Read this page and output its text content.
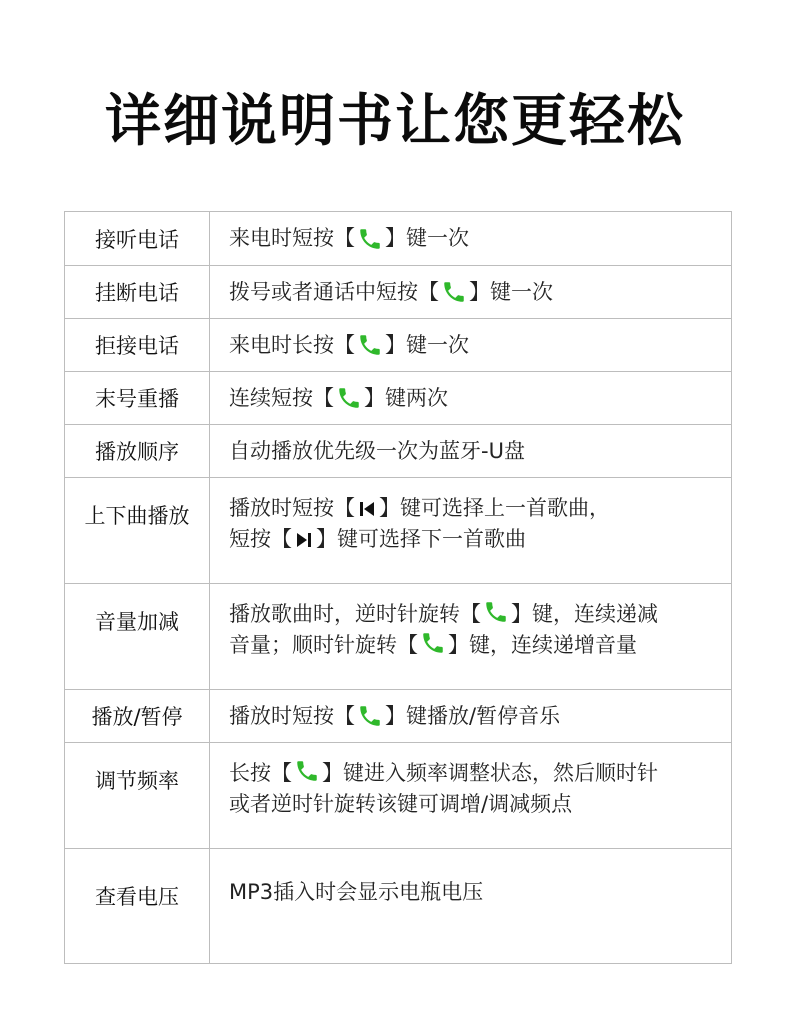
详细说明书让您更轻松
接听电话	来电时短按【 】键一次
挂断电话	拨号或者通话中短按【 】键一次
拒接电话	来电时长按【 】键一次
末号重播	连续短按【 】键两次
播放顺序	自动播放优先级一次为蓝牙-U盘
上下曲播放	播放时短按【 】键可选择上一首歌曲，
短按【 】键可选择下一首歌曲
音量加减	播放歌曲时，逆时针旋转【 】键，连续递减
音量；顺时针旋转【 】键，连续递增音量
播放/暂停	播放时短按【 】键播放/暂停音乐
调节频率	长按【 】键进入频率调整状态，然后顺时针
或者逆时针旋转该键可调增/调减频点
查看电压	MP3插入时会显示电瓶电压
